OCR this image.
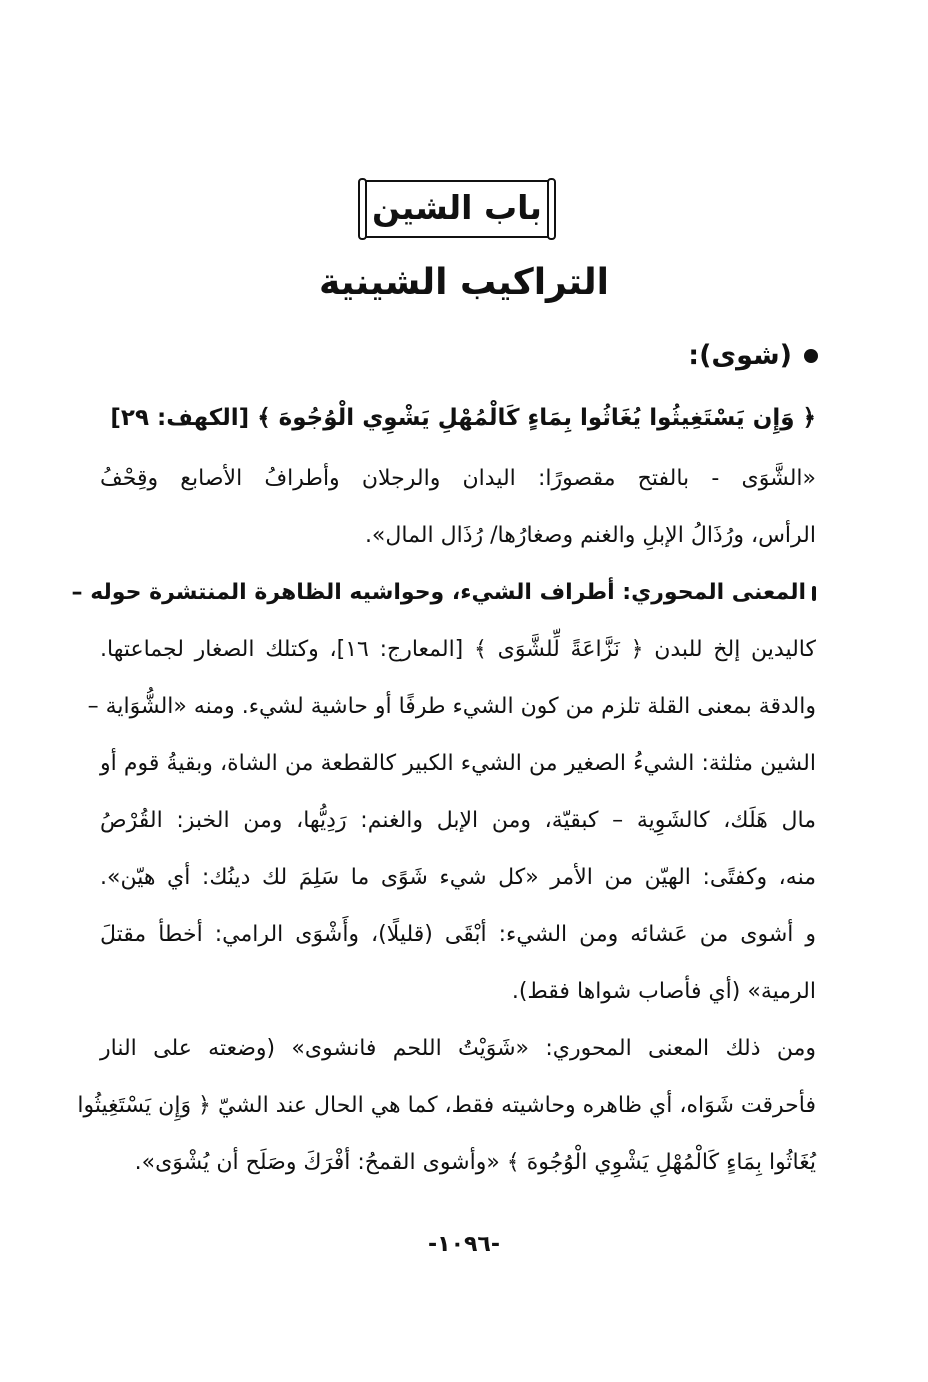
باب الشين
التراكيب الشينية
(شوى):
﴿ وَإِن يَسْتَغِيثُوا يُغَاثُوا بِمَاءٍ كَالْمُهْلِ يَشْوِي الْوُجُوهَ ﴾ [الكهف: ٢٩]
«الشَّوَى - بالفتح مقصورًا: اليدان والرجلان وأطرافُ الأصابع وقِحْفُ
الرأس، ورُذَالُ الإبلِ والغنم وصغارُها/ رُذَال المال».
المعنى المحوري: أطراف الشيء، وحواشيه الظاهرة المنتشرة حوله –
كاليدين إلخ للبدن ﴿ نَزَّاعَةً لِّلشَّوَى ﴾ [المعارج: ١٦]، وكتلك الصغار لجماعتها.
والدقة بمعنى القلة تلزم من كون الشيء طرفًا أو حاشية لشيء. ومنه «الشُّوَاية –
الشين مثلثة: الشيءُ الصغير من الشيء الكبير كالقطعة من الشاة، وبقيةُ قوم أو
مال هَلَك، كالشَوِية – كبقيّة، ومن الإبل والغنم: رَدِيُّها، ومن الخبز: القُرْصُ
منه، وكفتًى: الهيّن من الأمر «كل شيء شَوًى ما سَلِمَ لك دينُك: أي هيّن».
و أشوى من عَشائه ومن الشيء: أبْقَى (قليلًا)، وأَشْوَى الرامي: أخطأ مقتلَ
الرمية» (أي فأصاب شواها فقط).
ومن ذلك المعنى المحوري: «شَوَيْتُ اللحم فانشوى» (وضعته على النار
فأحرقت شَوَاه، أي ظاهره وحاشيته فقط، كما هي الحال عند الشيّ ﴿ وَإِن يَسْتَغِيثُوا
يُغَاثُوا بِمَاءٍ كَالْمُهْلِ يَشْوِي الْوُجُوهَ ﴾ «وأشوى القمحُ: أفْرَكَ وصَلَح أن يُشْوَى».
-١٠٩٦-
